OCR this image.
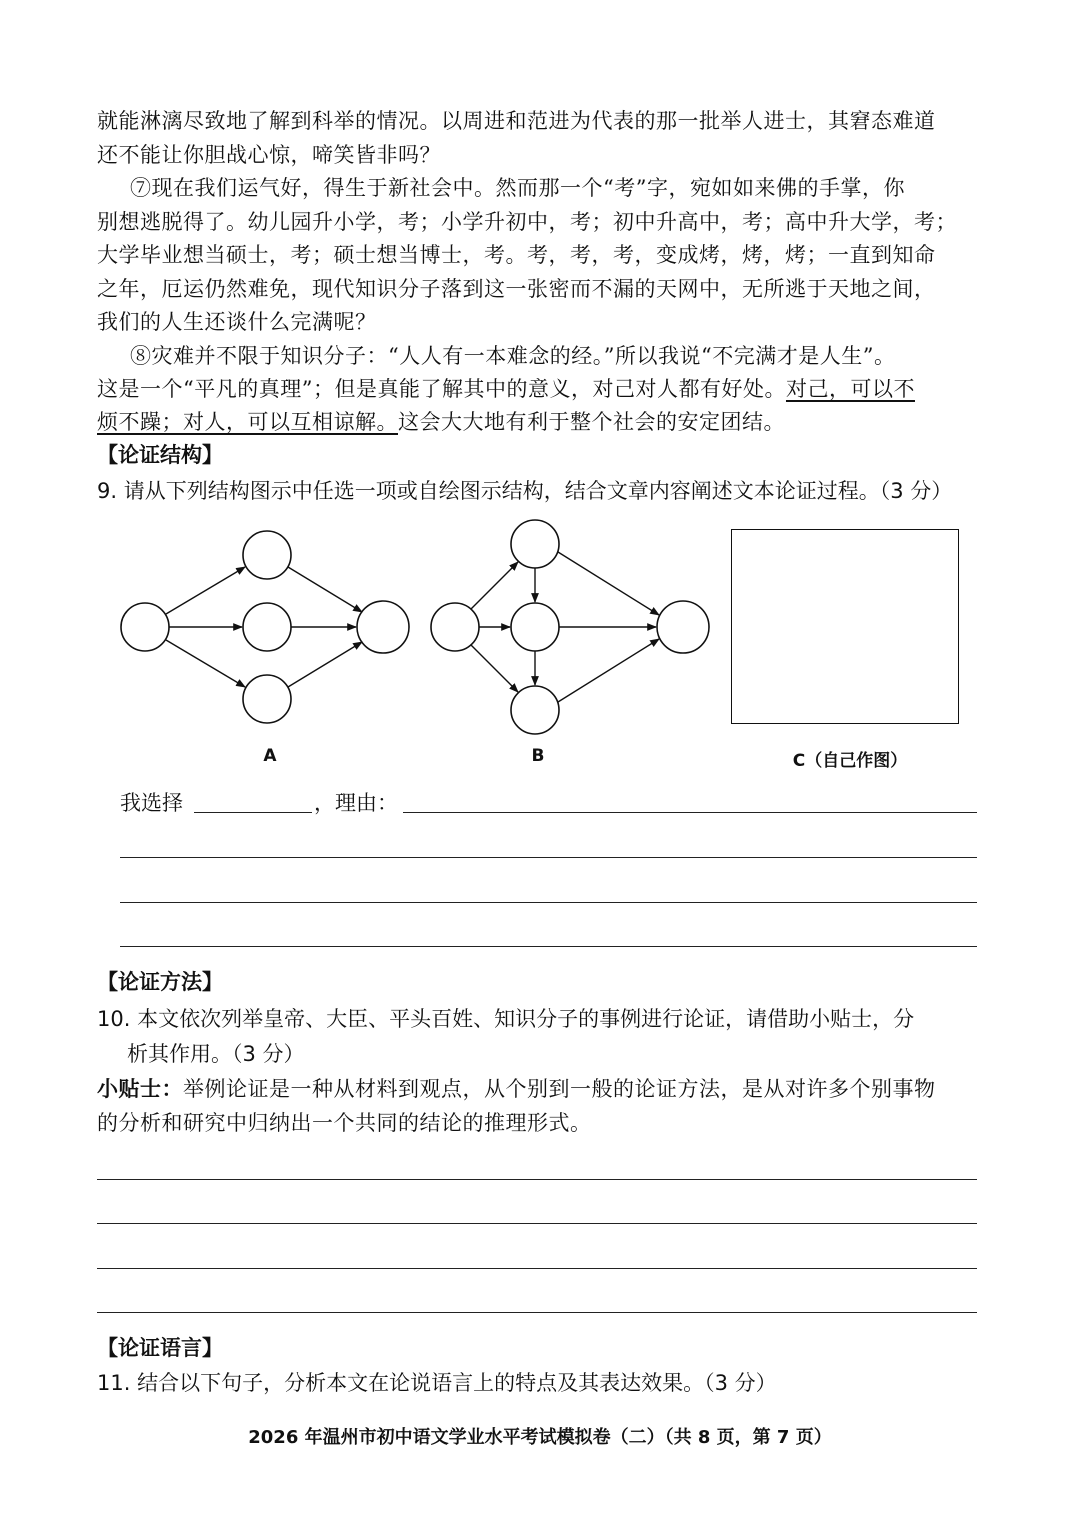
就能淋漓尽致地了解到科举的情况。以周进和范进为代表的那一批举人进士，其窘态难道
还不能让你胆战心惊，啼笑皆非吗？
⑦现在我们运气好，得生于新社会中。然而那一个“考”字，宛如如来佛的手掌，你
别想逃脱得了。幼儿园升小学，考；小学升初中，考；初中升高中，考；高中升大学，考；
大学毕业想当硕士，考；硕士想当博士，考。考，考，考，变成烤，烤，烤；一直到知命
之年，厄运仍然难免，现代知识分子落到这一张密而不漏的天网中，无所逃于天地之间，
我们的人生还谈什么完满呢？
⑧灾难并不限于知识分子：“人人有一本难念的经。”所以我说“不完满才是人生”。
这是一个“平凡的真理”；但是真能了解其中的意义，对己对人都有好处。对己，可以不
烦不躁；对人，可以互相谅解。这会大大地有利于整个社会的安定团结。
【论证结构】
9. 请从下列结构图示中任选一项或自绘图示结构，结合文章内容阐述文本论证过程。（3 分）
A	B	C（自己作图）
我选择	，理由：
【论证方法】
10. 本文依次列举皇帝、大臣、平头百姓、知识分子的事例进行论证，请借助小贴士，分
析其作用。（3 分）
小贴士：举例论证是一种从材料到观点，从个别到一般的论证方法，是从对许多个别事物
的分析和研究中归纳出一个共同的结论的推理形式。
【论证语言】
11. 结合以下句子，分析本文在论说语言上的特点及其表达效果。（3 分）
2026 年温州市初中语文学业水平考试模拟卷（二）（共 8 页，第 7 页）
